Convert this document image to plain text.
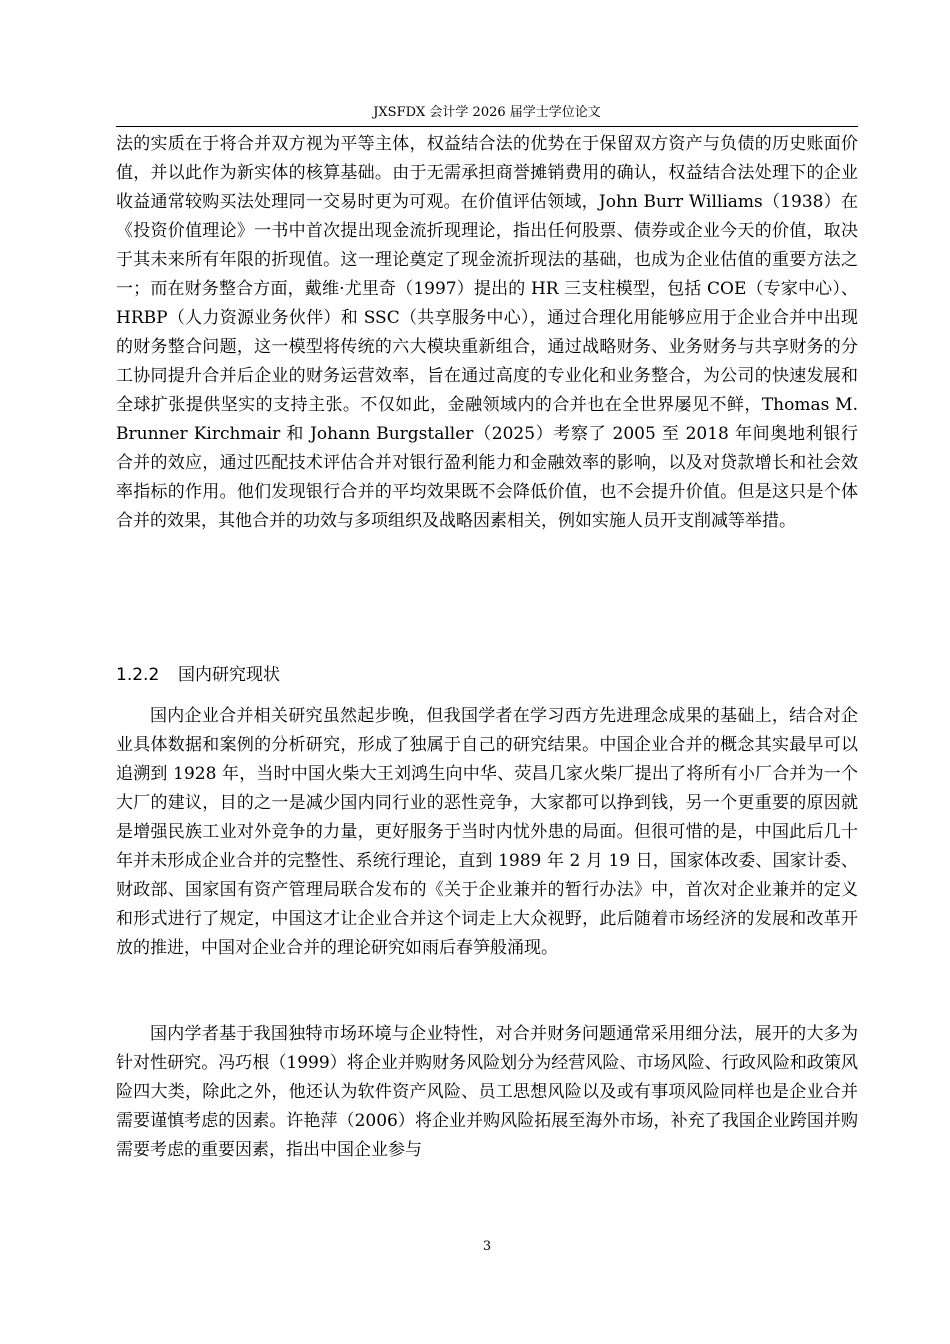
JXSFDX 会计学 2026 届学士学位论文

法的实质在于将合并双方视为平等主体，权益结合法的优势在于保留双方资产与负债的历史账面价值，并以此作为新实体的核算基础。由于无需承担商誉摊销费用的确认，权益结合法处理下的企业收益通常较购买法处理同一交易时更为可观。在价值评估领域，John Burr Williams（1938）在《投资价值理论》一书中首次提出现金流折现理论，指出任何股票、债券或企业今天的价值，取决于其未来所有年限的折现值。这一理论奠定了现金流折现法的基础，也成为企业估值的重要方法之一；而在财务整合方面，戴维·尤里奇（1997）提出的 HR 三支柱模型，包括 COE（专家中心）、HRBP（人力资源业务伙伴）和 SSC（共享服务中心），通过合理化用能够应用于企业合并中出现的财务整合问题，这一模型将传统的六大模块重新组合，通过战略财务、业务财务与共享财务的分工协同提升合并后企业的财务运营效率，旨在通过高度的专业化和业务整合，为公司的快速发展和全球扩张提供坚实的支持主张。不仅如此，金融领域内的合并也在全世界屡见不鲜，Thomas M. Brunner Kirchmair 和 Johann Burgstaller（2025）考察了 2005 至 2018 年间奥地利银行合并的效应，通过匹配技术评估合并对银行盈利能力和金融效率的影响，以及对贷款增长和社会效率指标的作用。他们发现银行合并的平均效果既不会降低价值，也不会提升价值。但是这只是个体合并的效果，其他合并的功效与多项组织及战略因素相关，例如实施人员开支削减等举措。

1.2.2 国内研究现状

国内企业合并相关研究虽然起步晚，但我国学者在学习西方先进理念成果的基础上，结合对企业具体数据和案例的分析研究，形成了独属于自己的研究结果。中国企业合并的概念其实最早可以追溯到 1928 年，当时中国火柴大王刘鸿生向中华、荧昌几家火柴厂提出了将所有小厂合并为一个大厂的建议，目的之一是减少国内同行业的恶性竞争，大家都可以挣到钱，另一个更重要的原因就是增强民族工业对外竞争的力量，更好服务于当时内忧外患的局面。但很可惜的是，中国此后几十年并未形成企业合并的完整性、系统行理论，直到 1989 年 2 月 19 日，国家体改委、国家计委、财政部、国家国有资产管理局联合发布的《关于企业兼并的暂行办法》中，首次对企业兼并的定义和形式进行了规定，中国这才让企业合并这个词走上大众视野，此后随着市场经济的发展和改革开放的推进，中国对企业合并的理论研究如雨后春笋般涌现。

国内学者基于我国独特市场环境与企业特性，对合并财务问题通常采用细分法，展开的大多为针对性研究。冯巧根（1999）将企业并购财务风险划分为经营风险、市场风险、行政风险和政策风险四大类，除此之外，他还认为软件资产风险、员工思想风险以及或有事项风险同样也是企业合并需要谨慎考虑的因素。许艳萍（2006）将企业并购风险拓展至海外市场，补充了我国企业跨国并购需要考虑的重要因素，指出中国企业参与

3
